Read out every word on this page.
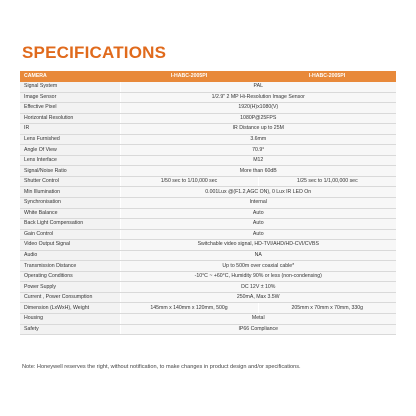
SPECIFICATIONS
CAMERA	I-HABC-2005PI	I-HABC-2005PI
Signal System	PAL	
Image Sensor	1/2.9" 2 MP Hi-Resolution Image Sensor	
Effective Pixel	1920(H)x1080(V)	
Horizontal Resolution	1080P@25FPS	
IR	IR Distance up to 25M	
Lens Furnished	3.6mm	
Angle Of View	70.9°	
Lens Interface	M12	
Signal/Noise Ratio	More than 60dB	
Shutter Control	1/50 sec to 1/10,000 sec	1/25 sec to 1/1,00,000 sec
Min Illumination	0.001Lux @(F1.2,AGC ON), 0 Lux IR LED On	
Synchronisation	Internal	
White Balance	Auto	
Back Light Compensation	Auto	
Gain Control	Auto	
Video Output Signal	Switchable video signal, HD-TVI/AHD/HD-CVI/CVBS	
Audio	NA	
Transmission Distance	Up to 500m over coaxial cable*	
Operating Conditions	-10°C ~ +60°C, Humidity 90% or less (non-condensing)	
Power Supply	DC 12V ± 10%	
Current , Power Consumption	250mA, Max 3.5W	
Dimension (LxWxH), Weight	145mm x 140mm x 120mm, 500g	205mm x 70mm x 70mm, 330g
Housing	Metal	
Safety	IP66 Compliance	
Note: Honeywell reserves the right, without notification, to make changes in product design and/or specifications.
